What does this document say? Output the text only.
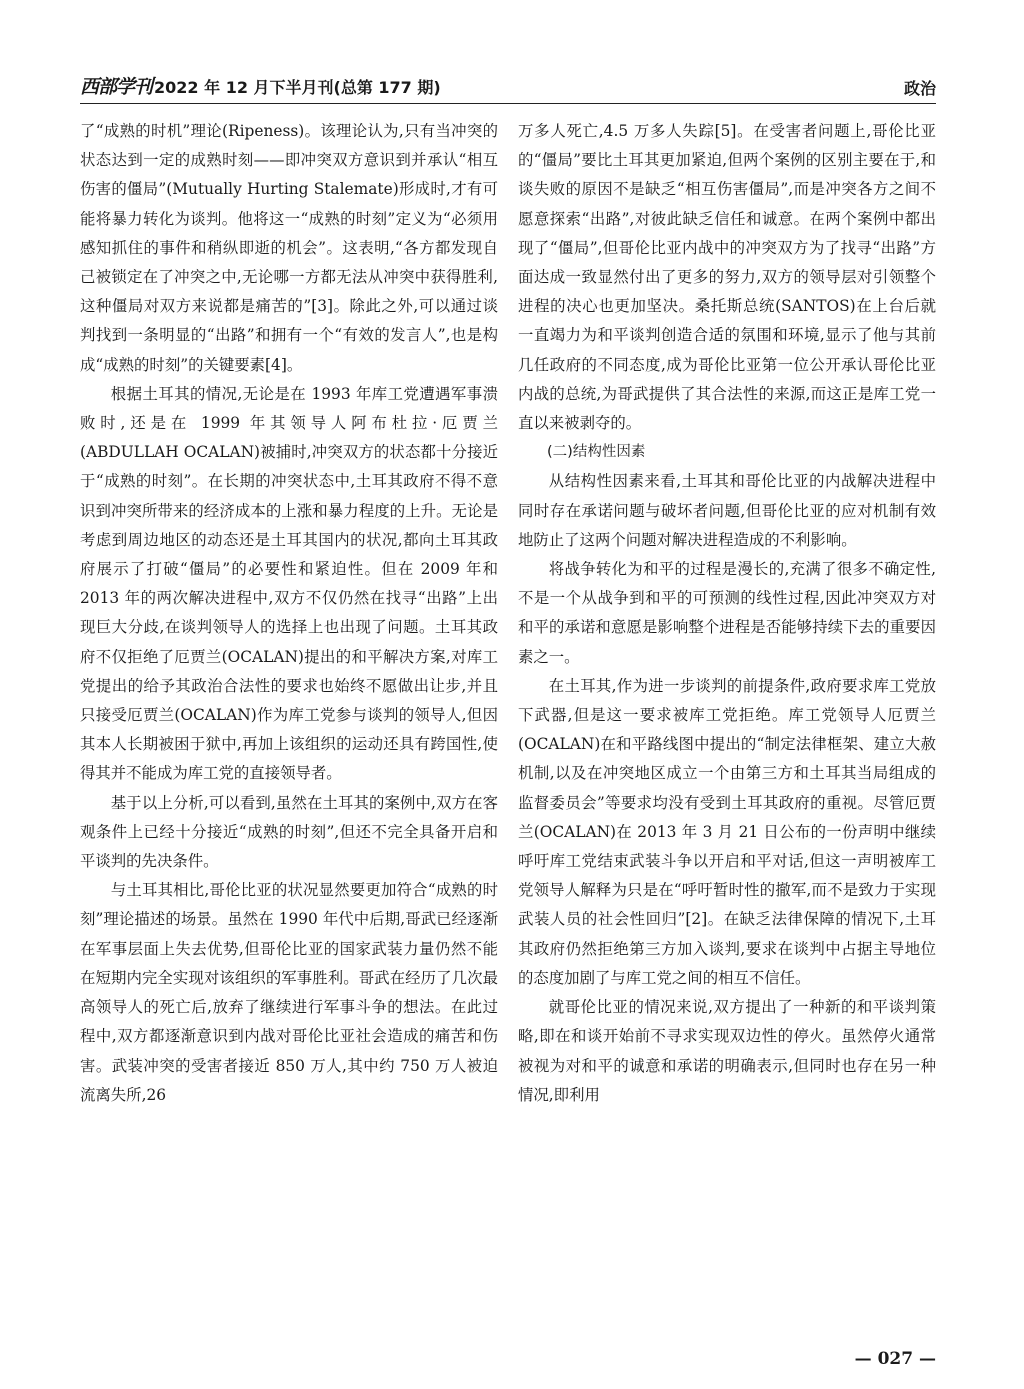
西部学刊 2022 年 12 月下半月刊(总第 177 期)	政治

了“成熟的时机”理论(Ripeness)。该理论认为,只有当冲突的状态达到一定的成熟时刻——即冲突双方意识到并承认“相互伤害的僵局”(Mutually Hurting Stalemate)形成时,才有可能将暴力转化为谈判。他将这一“成熟的时刻”定义为“必须用感知抓住的事件和稍纵即逝的机会”。这表明,“各方都发现自己被锁定在了冲突之中,无论哪一方都无法从冲突中获得胜利,这种僵局对双方来说都是痛苦的”[3]。除此之外,可以通过谈判找到一条明显的“出路”和拥有一个“有效的发言人”,也是构成“成熟的时刻”的关键要素[4]。

根据土耳其的情况,无论是在 1993 年库工党遭遇军事溃败时,还是在 1999 年其领导人阿布杜拉·厄贾兰(ABDULLAH OCALAN)被捕时,冲突双方的状态都十分接近于“成熟的时刻”。在长期的冲突状态中,土耳其政府不得不意识到冲突所带来的经济成本的上涨和暴力程度的上升。无论是考虑到周边地区的动态还是土耳其国内的状况,都向土耳其政府展示了打破“僵局”的必要性和紧迫性。但在 2009 年和 2013 年的两次解决进程中,双方不仅仍然在找寻“出路”上出现巨大分歧,在谈判领导人的选择上也出现了问题。土耳其政府不仅拒绝了厄贾兰(OCALAN)提出的和平解决方案,对库工党提出的给予其政治合法性的要求也始终不愿做出让步,并且只接受厄贾兰(OCALAN)作为库工党参与谈判的领导人,但因其本人长期被困于狱中,再加上该组织的运动还具有跨国性,使得其并不能成为库工党的直接领导者。

基于以上分析,可以看到,虽然在土耳其的案例中,双方在客观条件上已经十分接近“成熟的时刻”,但还不完全具备开启和平谈判的先决条件。

与土耳其相比,哥伦比亚的状况显然要更加符合“成熟的时刻”理论描述的场景。虽然在 1990 年代中后期,哥武已经逐渐在军事层面上失去优势,但哥伦比亚的国家武装力量仍然不能在短期内完全实现对该组织的军事胜利。哥武在经历了几次最高领导人的死亡后,放弃了继续进行军事斗争的想法。在此过程中,双方都逐渐意识到内战对哥伦比亚社会造成的痛苦和伤害。武装冲突的受害者接近 850 万人,其中约 750 万人被迫流离失所,26

万多人死亡,4.5 万多人失踪[5]。在受害者问题上,哥伦比亚的“僵局”要比土耳其更加紧迫,但两个案例的区别主要在于,和谈失败的原因不是缺乏“相互伤害僵局”,而是冲突各方之间不愿意探索“出路”,对彼此缺乏信任和诚意。在两个案例中都出现了“僵局”,但哥伦比亚内战中的冲突双方为了找寻“出路”方面达成一致显然付出了更多的努力,双方的领导层对引领整个进程的决心也更加坚决。桑托斯总统(SANTOS)在上台后就一直竭力为和平谈判创造合适的氛围和环境,显示了他与其前几任政府的不同态度,成为哥伦比亚第一位公开承认哥伦比亚内战的总统,为哥武提供了其合法性的来源,而这正是库工党一直以来被剥夺的。

(二)结构性因素

从结构性因素来看,土耳其和哥伦比亚的内战解决进程中同时存在承诺问题与破坏者问题,但哥伦比亚的应对机制有效地防止了这两个问题对解决进程造成的不利影响。

将战争转化为和平的过程是漫长的,充满了很多不确定性,不是一个从战争到和平的可预测的线性过程,因此冲突双方对和平的承诺和意愿是影响整个进程是否能够持续下去的重要因素之一。

在土耳其,作为进一步谈判的前提条件,政府要求库工党放下武器,但是这一要求被库工党拒绝。库工党领导人厄贾兰(OCALAN)在和平路线图中提出的“制定法律框架、建立大赦机制,以及在冲突地区成立一个由第三方和土耳其当局组成的监督委员会”等要求均没有受到土耳其政府的重视。尽管厄贾兰(OCALAN)在 2013 年 3 月 21 日公布的一份声明中继续呼吁库工党结束武装斗争以开启和平对话,但这一声明被库工党领导人解释为只是在“呼吁暂时性的撤军,而不是致力于实现武装人员的社会性回归”[2]。在缺乏法律保障的情况下,土耳其政府仍然拒绝第三方加入谈判,要求在谈判中占据主导地位的态度加剧了与库工党之间的相互不信任。

就哥伦比亚的情况来说,双方提出了一种新的和平谈判策略,即在和谈开始前不寻求实现双边性的停火。虽然停火通常被视为对和平的诚意和承诺的明确表示,但同时也存在另一种情况,即利用

— 027 —
